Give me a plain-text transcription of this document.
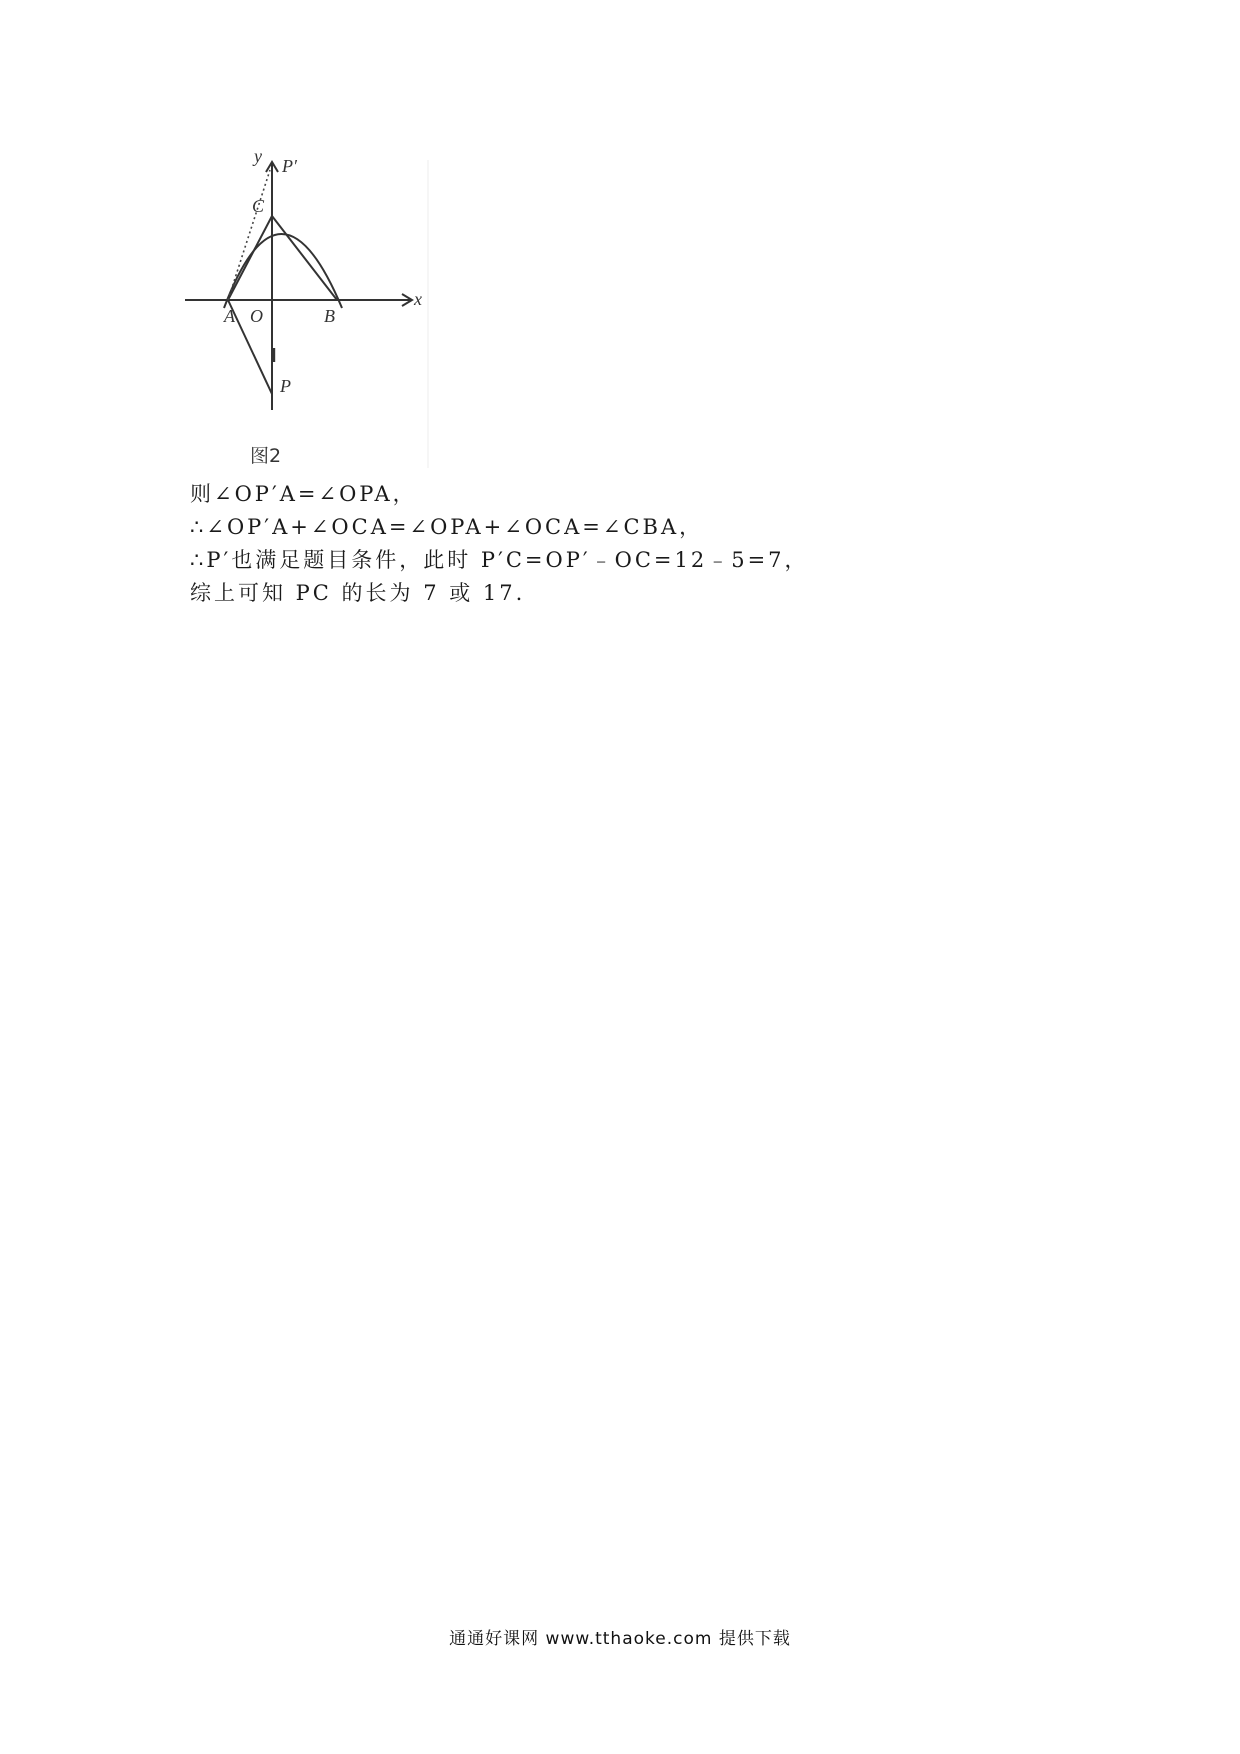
y P′
C
x
A O	B
P
图2
则∠OP′A=∠OPA，
∴∠OP′A+∠OCA=∠OPA+∠OCA=∠CBA，
∴P′也满足题目条件，此时 P′C=OP′﹣OC=12﹣5=7，
综上可知 PC 的长为 7 或 17.
通通好课网 www.tthaoke.com 提供下载
